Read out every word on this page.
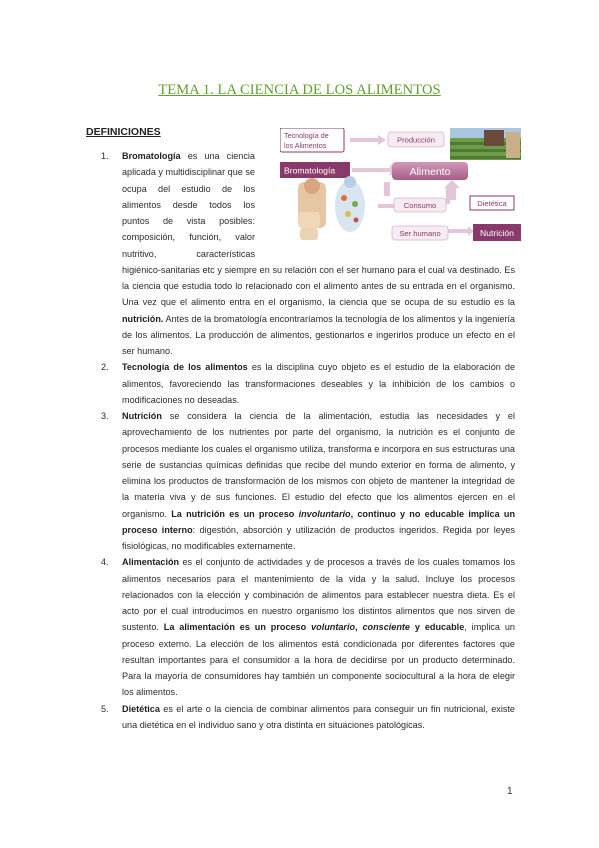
TEMA 1. LA CIENCIA DE LOS ALIMENTOS
DEFINICIONES	Tecnología de
los Alimentos
Bromatología
Producción
Alimento
Consumo	Dietética
Ser humano	Nutrición
1. Bromatología es una ciencia aplicada y multidisciplinar que se ocupa del estudio de los alimentos desde todos los puntos de vista posibles: composición, función, valor nutritivo, características higiénico-sanitarias etc y siempre en su relación con el ser humano para el cual va destinado. Es la ciencia que estudia todo lo relacionado con el alimento antes de su entrada en el organismo. Una vez que el alimento entra en el organismo, la ciencia que se ocupa de su estudio es la nutrición. Antes de la bromatología encontraríamos la tecnología de los alimentos y la ingeniería de los alimentos. La producción de alimentos, gestionarlos e ingerirlos produce un efecto en el ser humano.
2. Tecnología de los alimentos es la disciplina cuyo objeto es el estudio de la elaboración de alimentos, favoreciendo las transformaciones deseables y la inhibición de los cambios o modificaciones no deseadas.
3. Nutrición se considera la ciencia de la alimentación, estudia las necesidades y el aprovechamiento de los nutrientes por parte del organismo, la nutrición es el conjunto de procesos mediante los cuales el organismo utiliza, transforma e incorpora en sus estructuras una serie de sustancias químicas definidas que recibe del mundo exterior en forma de alimento, y elimina los productos de transformación de los mismos con objeto de mantener la integridad de la materia viva y de sus funciones. El estudio del efecto que los alimentos ejercen en el organismo. La nutrición es un proceso involuntario, continuo y no educable implica un proceso interno: digestión, absorción y utilización de productos ingeridos. Regida por leyes fisiológicas, no modificables externamente.
4. Alimentación es el conjunto de actividades y de procesos a través de los cuales tomamos los alimentos necesarios para el mantenimiento de la vida y la salud. Incluye los procesos relacionados con la elección y combinación de alimentos para establecer nuestra dieta. Es el acto por el cual introducimos en nuestro organismo los distintos alimentos que nos sirven de sustento. La alimentación es un proceso voluntario, consciente y educable, implica un proceso externo. La elección de los alimentos está condicionada por diferentes factores que resultan importantes para el consumidor a la hora de decidirse por un producto determinado. Para la mayoría de consumidores hay también un componente sociocultural a la hora de elegir los alimentos.
5. Dietética es el arte o la ciencia de combinar alimentos para conseguir un fin nutricional, existe una dietética en el individuo sano y otra distinta en situaciones patológicas.
1
